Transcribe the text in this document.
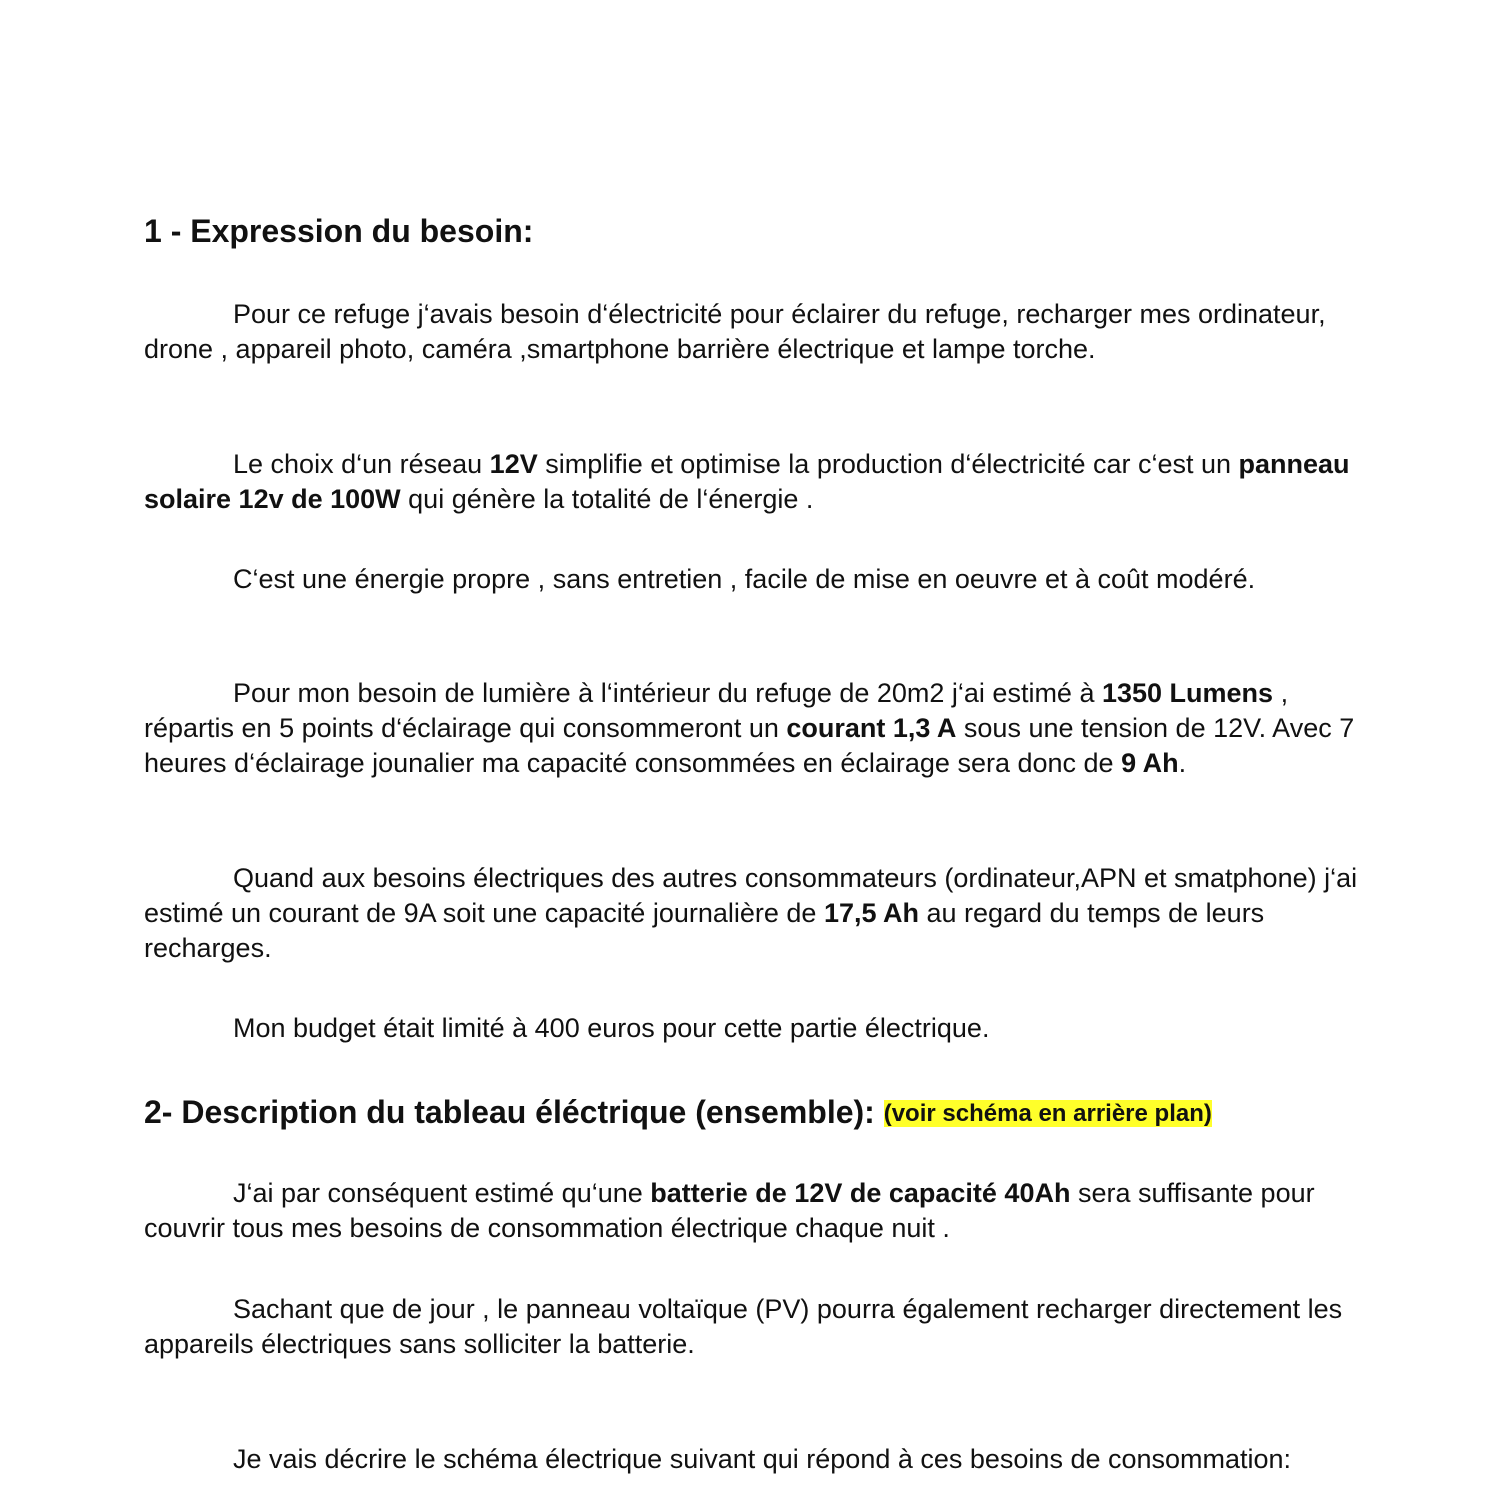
1 - Expression du besoin:

Pour ce refuge j‘avais besoin d‘électricité pour éclairer du refuge, recharger mes ordinateur, drone , appareil photo, caméra ,smartphone barrière électrique et lampe torche.

Le choix d‘un réseau 12V simplifie et optimise la production d‘électricité car c‘est un panneau solaire 12v de 100W qui génère la totalité de l‘énergie .

C‘est une énergie propre , sans entretien , facile de mise en oeuvre et à coût modéré.

Pour mon besoin de lumière à l‘intérieur du refuge de 20m2 j‘ai estimé à 1350 Lumens , répartis en 5 points d‘éclairage qui consommeront un courant 1,3 A sous une tension de 12V. Avec 7 heures d‘éclairage jounalier ma capacité consommées en éclairage sera donc de 9 Ah.

Quand aux besoins électriques des autres consommateurs (ordinateur,APN et smatphone) j‘ai estimé un courant de 9A soit une capacité journalière de 17,5 Ah au regard du temps de leurs recharges.

Mon budget était limité à 400 euros pour cette partie électrique.

2- Description du tableau éléctrique (ensemble): (voir schéma en arrière plan)

J‘ai par conséquent estimé qu‘une batterie de 12V de capacité 40Ah sera suffisante pour couvrir tous mes besoins de consommation électrique chaque nuit .

Sachant que de jour , le panneau voltaïque (PV) pourra également recharger directement les appareils électriques sans solliciter la batterie.

Je vais décrire le schéma électrique suivant qui répond à ces besoins de consommation:
